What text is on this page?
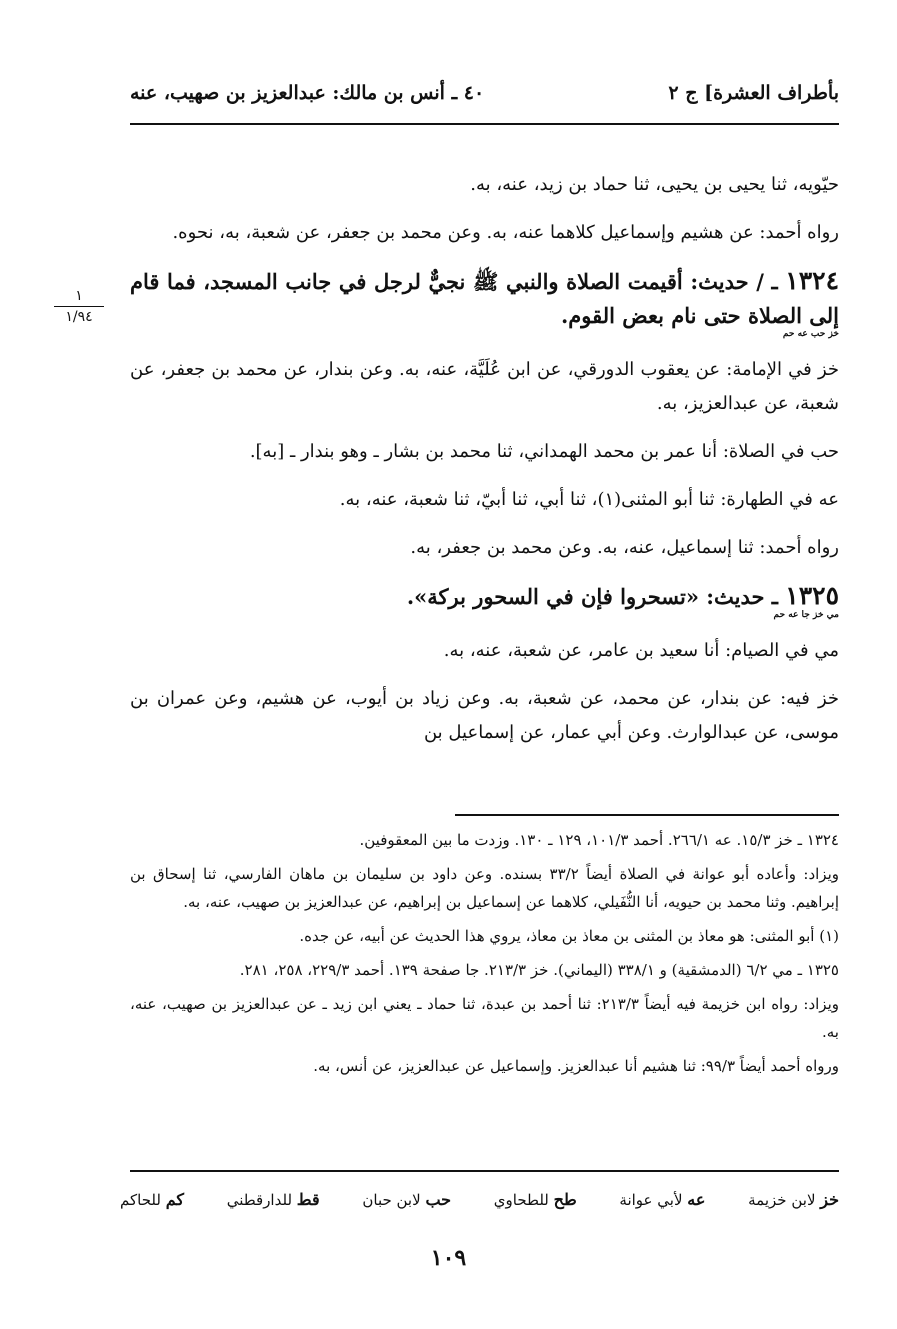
بأطراف العشرة] ج ٢
٤٠ ـ أنس بن مالك: عبدالعزيز بن صهيب، عنه
١
١/٩٤

حيّويه، ثنا يحيى بن يحيى، ثنا حماد بن زيد، عنه، به.

رواه أحمد: عن هشيم وإسماعيل كلاهما عنه، به. وعن محمد بن جعفر، عن شعبة، به، نحوه.

١٣٢٤ ـ / حديث: أقيمت الصلاة والنبي ﷺ نجيٌّ لرجل في جانب المسجد، فما قام إلى الصلاة حتى نام بعض القوم.
خز حب عه حم

خز في الإمامة: عن يعقوب الدورقي، عن ابن عُلَيَّة، عنه، به. وعن بندار، عن محمد بن جعفر، عن شعبة، عن عبدالعزيز، به.

حب في الصلاة: أنا عمر بن محمد الهمداني، ثنا محمد بن بشار ـ وهو بندار ـ [به].

عه في الطهارة: ثنا أبو المثنى(١)، ثنا أبي، ثنا أبيّ، ثنا شعبة، عنه، به.

رواه أحمد: ثنا إسماعيل، عنه، به. وعن محمد بن جعفر، به.

١٣٢٥ ـ حديث: «تسحروا فإن في السحور بركة».
مي خز جا عه حم

مي في الصيام: أنا سعيد بن عامر، عن شعبة، عنه، به.

خز فيه: عن بندار، عن محمد، عن شعبة، به. وعن زياد بن أيوب، عن هشيم، وعن عمران بن موسى، عن عبدالوارث. وعن أبي عمار، عن إسماعيل بن

١٣٢٤ ـ خز ١٥/٣. عه ٢٦٦/١. أحمد ١٠١/٣، ١٢٩ ـ ١٣٠. وزدت ما بين المعقوفين.

ويزاد: وأعاده أبو عوانة في الصلاة أيضاً ٣٣/٢ بسنده. وعن داود بن سليمان بن ماهان الفارسي، ثنا إسحاق بن إبراهيم. وثنا محمد بن حيويه، أنا النُّفَيلي، كلاهما عن إسماعيل بن إبراهيم، عن عبدالعزيز بن صهيب، عنه، به.

(١) أبو المثنى: هو معاذ بن المثنى بن معاذ بن معاذ، يروي هذا الحديث عن أبيه، عن جده.

١٣٢٥ ـ مي ٦/٢ (الدمشقية) و ٣٣٨/١ (اليماني). خز ٢١٣/٣. جا صفحة ١٣٩. أحمد ٢٢٩/٣، ٢٥٨، ٢٨١.

ويزاد: رواه ابن خزيمة فيه أيضاً ٢١٣/٣: ثنا أحمد بن عبدة، ثنا حماد ـ يعني ابن زيد ـ عن عبدالعزيز بن صهيب، عنه، به.

ورواه أحمد أيضاً ٩٩/٣: ثنا هشيم أنا عبدالعزيز. وإسماعيل عن عبدالعزيز، عن أنس، به.

خز لابن خزيمة
عه لأبي عوانة
طح للطحاوي
حب لابن حبان
قط للدارقطني
كم للحاكم
١٠٩
